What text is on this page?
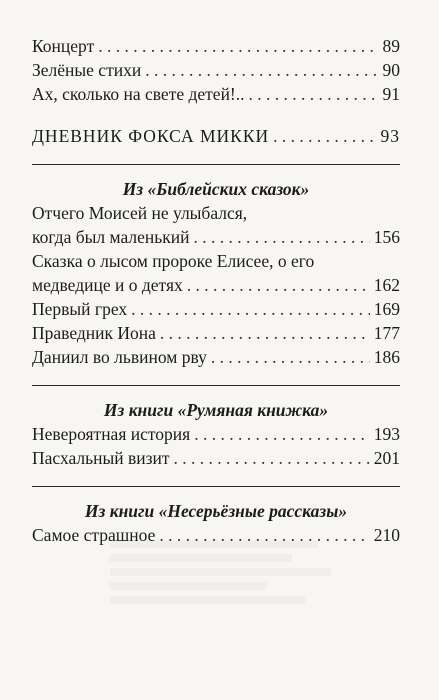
Концерт . . .	89
Зелёные стихи . . .	90
Ах, сколько на свете детей!.. . . .	91
ДНЕВНИК ФОКСА МИККИ . . .	93
Из «Библейских сказок»
Отчего Моисей не улыбался,
когда был маленький . . .	156
Сказка о лысом пророке Елисее, о его
медведице и о детях . . .	162
Первый грех . . .	169
Праведник Иона . . .	177
Даниил во львином рву . . .	186
Из книги «Румяная книжка»
Невероятная история . . .	193
Пасхальный визит . . .	201
Из книги «Несерьёзные рассказы»
Самое страшное . . .	210
